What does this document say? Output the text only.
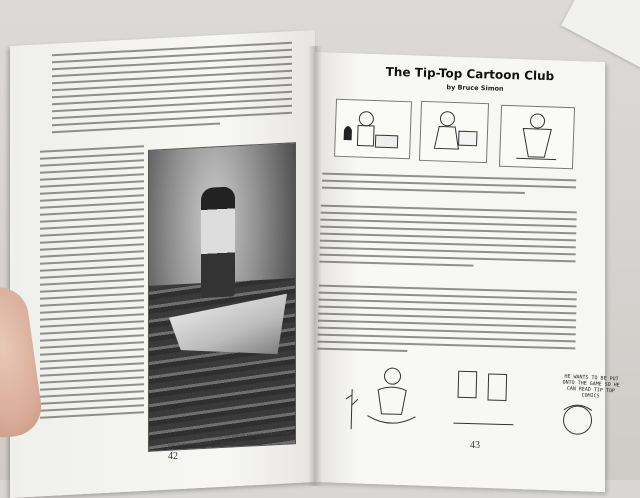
"A shaft of light shot across the dim-lit sea and wrapped boat and man in a splendor of red and gold."
42
The Tip-Top Cartoon Club
by Bruce Simon
HE WANTS TO BE PUT ONTO THE GAME SO HE CAN READ TIP TOP COMICS
43
